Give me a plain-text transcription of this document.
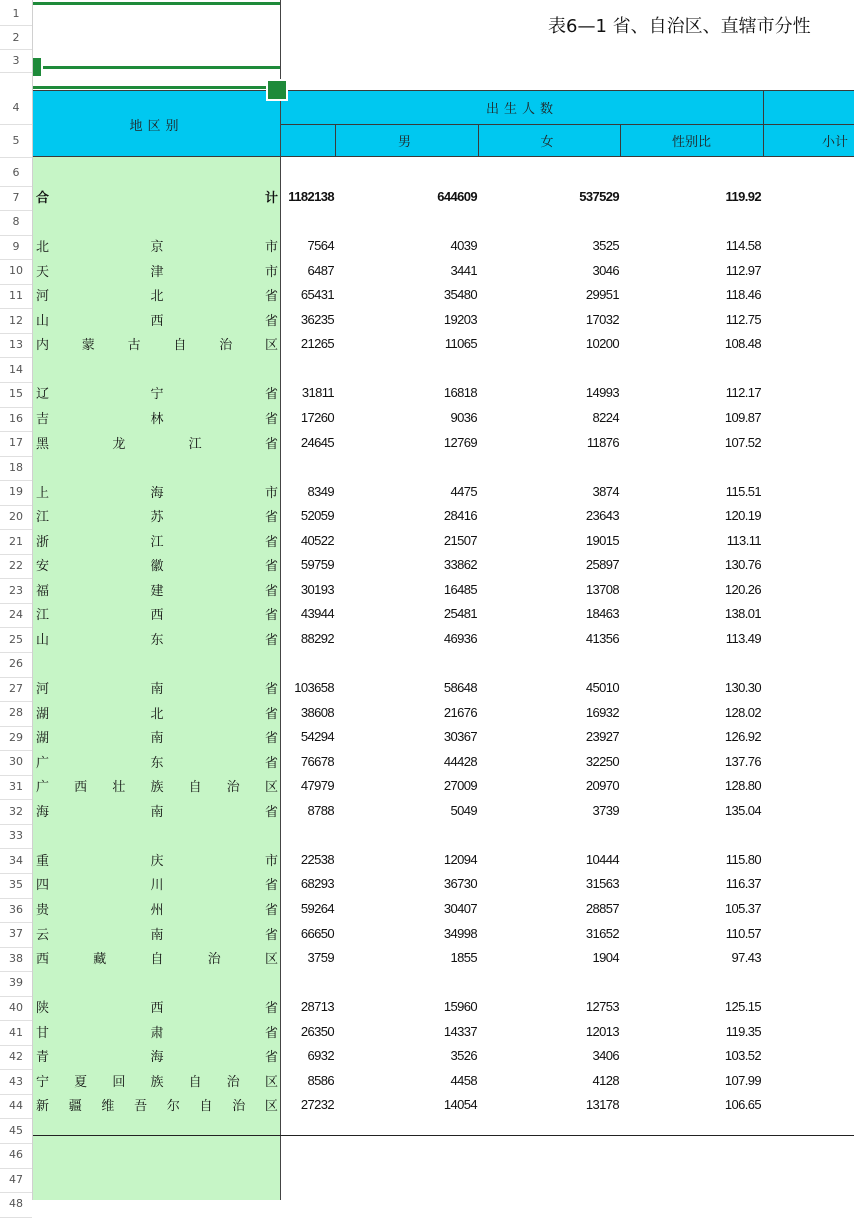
地区别
出生人数
男	女	性别比	小计
表6—1 省、自治区、直辖市分性
1
2
3
4
5
6
7
8
9
10
11
12
13
14
15
16
17
18
19
20
21
22
23
24
25
26
27
28
29
30
31
32
33
34
35
36
37
38
39
40
41
42
43
44
45
46
47
48
合	计 1182138	644609	537529	119.92
北	京	市	7564	4039	3525	114.58
天	津	市	6487	3441	3046	112.97
河	北	省	65431	35480	29951	118.46
山	西	省	36235	19203	17032	112.75
内	蒙	古	自	治	区	21265	11065	10200	108.48
辽	宁	省	31811	16818	14993	112.17
吉	林	省	17260	9036	8224	109.87
黑	龙	江	省	24645	12769	11876	107.52
上	海	市	8349	4475	3874	115.51
江	苏	省	52059	28416	23643	120.19
浙	江	省	40522	21507	19015	113.11
安	徽	省	59759	33862	25897	130.76
福	建	省	30193	16485	13708	120.26
江	西	省	43944	25481	18463	138.01
山	东	省	88292	46936	41356	113.49
河	南	省	103658	58648	45010	130.30
湖	北	省	38608	21676	16932	128.02
湖	南	省	54294	30367	23927	126.92
广	东	省	76678	44428	32250	137.76
广 西 壮 族 自 治 区	47979	27009	20970	128.80
海	南	省	8788	5049	3739	135.04
重	庆	市	22538	12094	10444	115.80
四	川	省	68293	36730	31563	116.37
贵	州	省	59264	30407	28857	105.37
云	南	省	66650	34998	31652	110.57
西	藏	自	治	区	3759	1855	1904	97.43
陕	西	省	28713	15960	12753	125.15
甘	肃	省	26350	14337	12013	119.35
青	海	省	6932	3526	3406	103.52
宁 夏 回 族 自 治 区	8586	4458	4128	107.99
新 疆 维 吾 尔 自 治 区	27232	14054	13178	106.65
